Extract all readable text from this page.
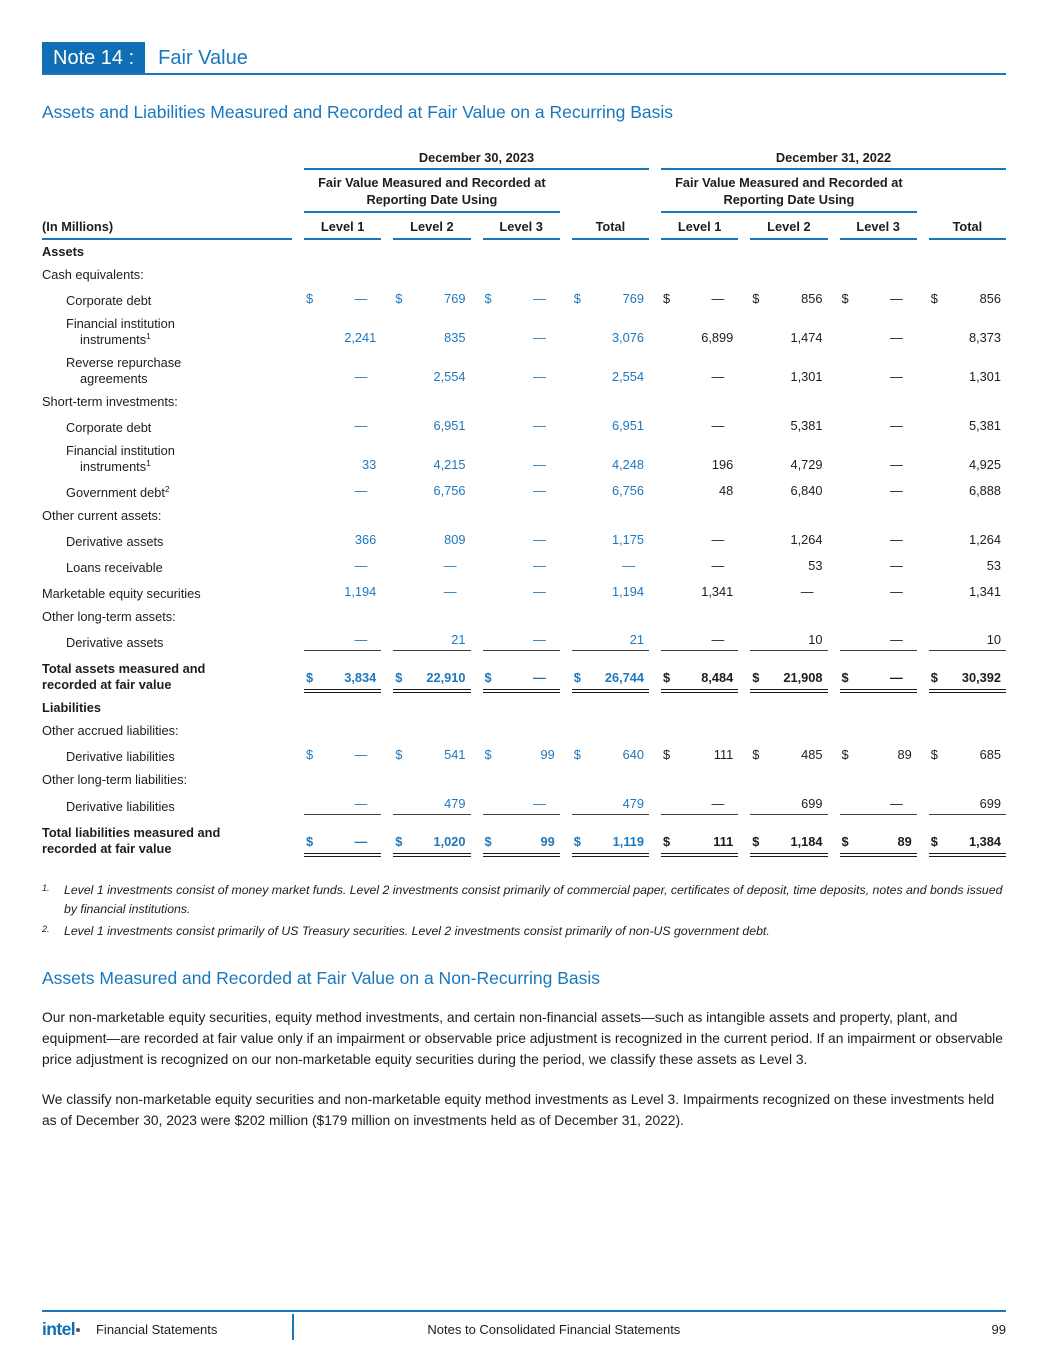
Note 14 :	Fair Value
Assets and Liabilities Measured and Recorded at Fair Value on a Recurring Basis
December 30, 2023	December 31, 2022
Fair Value Measured and Recorded at Reporting Date Using
Fair Value Measured and Recorded at Reporting Date Using
(In Millions)	Level 1	Level 2	Level 3	Total	Level 1	Level 2	Level 3	Total
Assets
Cash equivalents:
Corporate debt	$	—	$	769 $	—	$	769 $	—	$	856 $	—	$	856
Financial institution
instruments$^1$	2,241	835	—	3,076	6,899	1,474	—	8,373
Reverse repurchase
agreements	—	2,554	—	2,554	—	1,301	—	1,301
Short-term investments:
Corporate debt	—	6,951	—	6,951	—	5,381	—	5,381
Financial institution
instruments$^1$	33	4,215	—	4,248	196	4,729	—	4,925
Government debt$^2$	—	6,756	—	6,756	48	6,840	—	6,888
Other current assets:
Derivative assets	366	809	—	1,175	—	1,264	—	1,264
Loans receivable	—	—	—	—	—	53	—	53
Marketable equity securities	1,194	—	—	1,194	1,341	—	—	1,341
Other long-term assets:
Derivative assets	—	21	—	21	—	10	—	10
Total assets measured and
recorded at fair value	$ 3,834 $ 22,910 $	—	$ 26,744 $ 8,484 $ 21,908 $	—	$ 30,392
Liabilities
Other accrued liabilities:
Derivative liabilities	$	—	$	541 $	99 $	640 $	111 $	485 $	89 $	685
Other long-term liabilities:
Derivative liabilities	—	479	—	479	—	699	—	699
Total liabilities measured and
recorded at fair value	$	—	$ 1,020 $	99 $ 1,119 $	111 $ 1,184 $	89 $ 1,384
1.	Level 1 investments consist of money market funds. Level 2 investments consist primarily of commercial paper, certificates of deposit, time deposits, notes and bonds issued by financial institutions.
2.	Level 1 investments consist primarily of US Treasury securities. Level 2 investments consist primarily of non-US government debt.
Assets Measured and Recorded at Fair Value on a Non-Recurring Basis

Our non-marketable equity securities, equity method investments, and certain non-financial assets—such as intangible assets and property, plant, and equipment—are recorded at fair value only if an impairment or observable price adjustment is recognized in the current period. If an impairment or observable price adjustment is recognized on our non-marketable equity securities during the period, we classify these assets as Level 3.

We classify non-marketable equity securities and non-marketable equity method investments as Level 3. Impairments recognized on these investments held as of December 30, 2023 were $202 million ($179 million on investments held as of December 31, 2022).

intel Financial Statements	Notes to Consolidated Financial Statements	99
